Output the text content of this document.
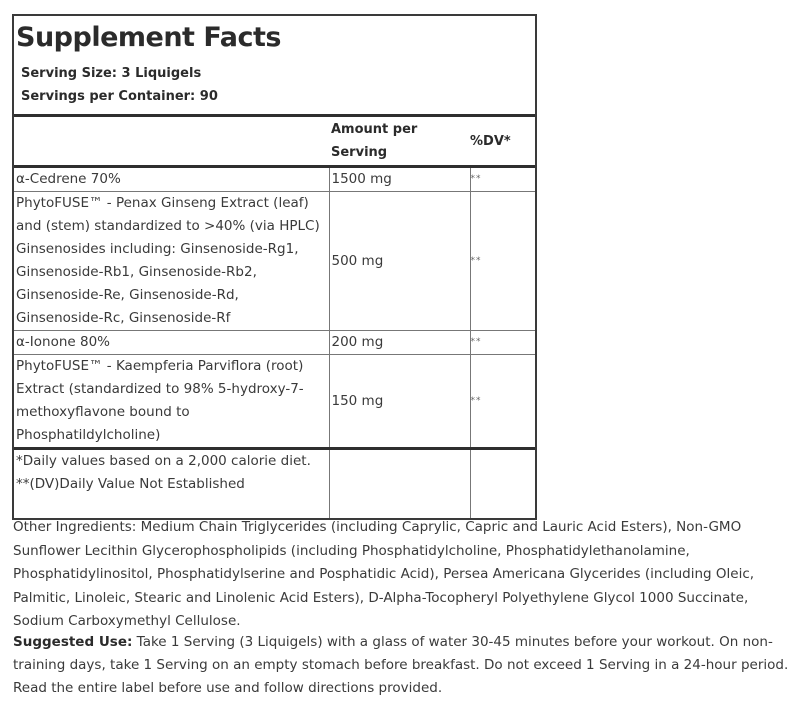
Supplement Facts
Serving Size: 3 Liquigels
Servings per Container: 90
	Amount per Serving	%DV*
α-Cedrene 70%	1500 mg	**
PhytoFUSE™ - Penax Ginseng Extract (leaf) and (stem) standardized to >40% (via HPLC) Ginsenosides including: Ginsenoside-Rg1, Ginsenoside-Rb1, Ginsenoside-Rb2, Ginsenoside-Re, Ginsenoside-Rd, Ginsenoside-Rc, Ginsenoside-Rf	500 mg	**
α-Ionone 80%	200 mg	**
PhytoFUSE™ - Kaempferia Parviflora (root) Extract (standardized to 98% 5-hydroxy-7-methoxyflavone bound to Phosphatildylcholine)	150 mg	**

*Daily values based on a 2,000 calorie diet.
**(DV)Daily Value Not Established		

Other Ingredients: Medium Chain Triglycerides (including Caprylic, Capric and Lauric Acid Esters), Non-GMO Sunflower Lecithin Glycerophospholipids (including Phosphatidylcholine, Phosphatidylethanolamine, Phosphatidylinositol, Phosphatidylserine and Posphatidic Acid), Persea Americana Glycerides (including Oleic, Palmitic, Linoleic, Stearic and Linolenic Acid Esters), D-Alpha-Tocopheryl Polyethylene Glycol 1000 Succinate, Sodium Carboxymethyl Cellulose.
Suggested Use: Take 1 Serving (3 Liquigels) with a glass of water 30-45 minutes before your workout. On non-training days, take 1 Serving on an empty stomach before breakfast. Do not exceed 1 Serving in a 24-hour period. Read the entire label before use and follow directions provided.
